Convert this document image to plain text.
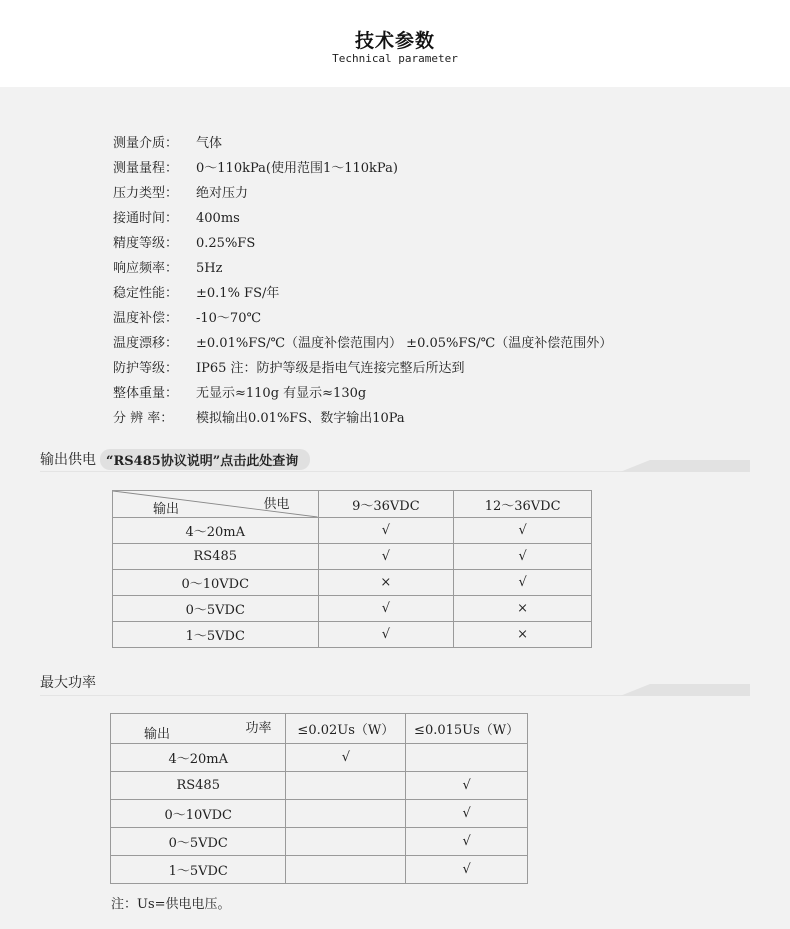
技术参数
Technical parameter
测量介质：	气体
测量量程：	0～110kPa(使用范围1～110kPa)
压力类型：	绝对压力
接通时间：	400ms
精度等级：	0.25%FS
响应频率：	5Hz
稳定性能：	±0.1% FS/年
温度补偿：	-10～70℃
温度漂移：	±0.01%FS/℃（温度补偿范围内） ±0.05%FS/℃（温度补偿范围外）
防护等级：	IP65 注：防护等级是指电气连接完整后所达到
整体重量：	无显示≈110g 有显示≈130g
分 辨 率：	模拟输出0.01%FS、数字输出10Pa
输出供电 “RS485协议说明”点击此处查询
供电
输出	9～36VDC	12～36VDC
4～20mA	√	√
RS485	√	√
0～10VDC	×	√
0～5VDC	√	×
1～5VDC	√	×
最大功率
功率
输出	≤0.02Us（W）	≤0.015Us（W）
4～20mA	√	
RS485		√
0～10VDC		√
0～5VDC		√
1～5VDC		√
注：Us=供电电压。
